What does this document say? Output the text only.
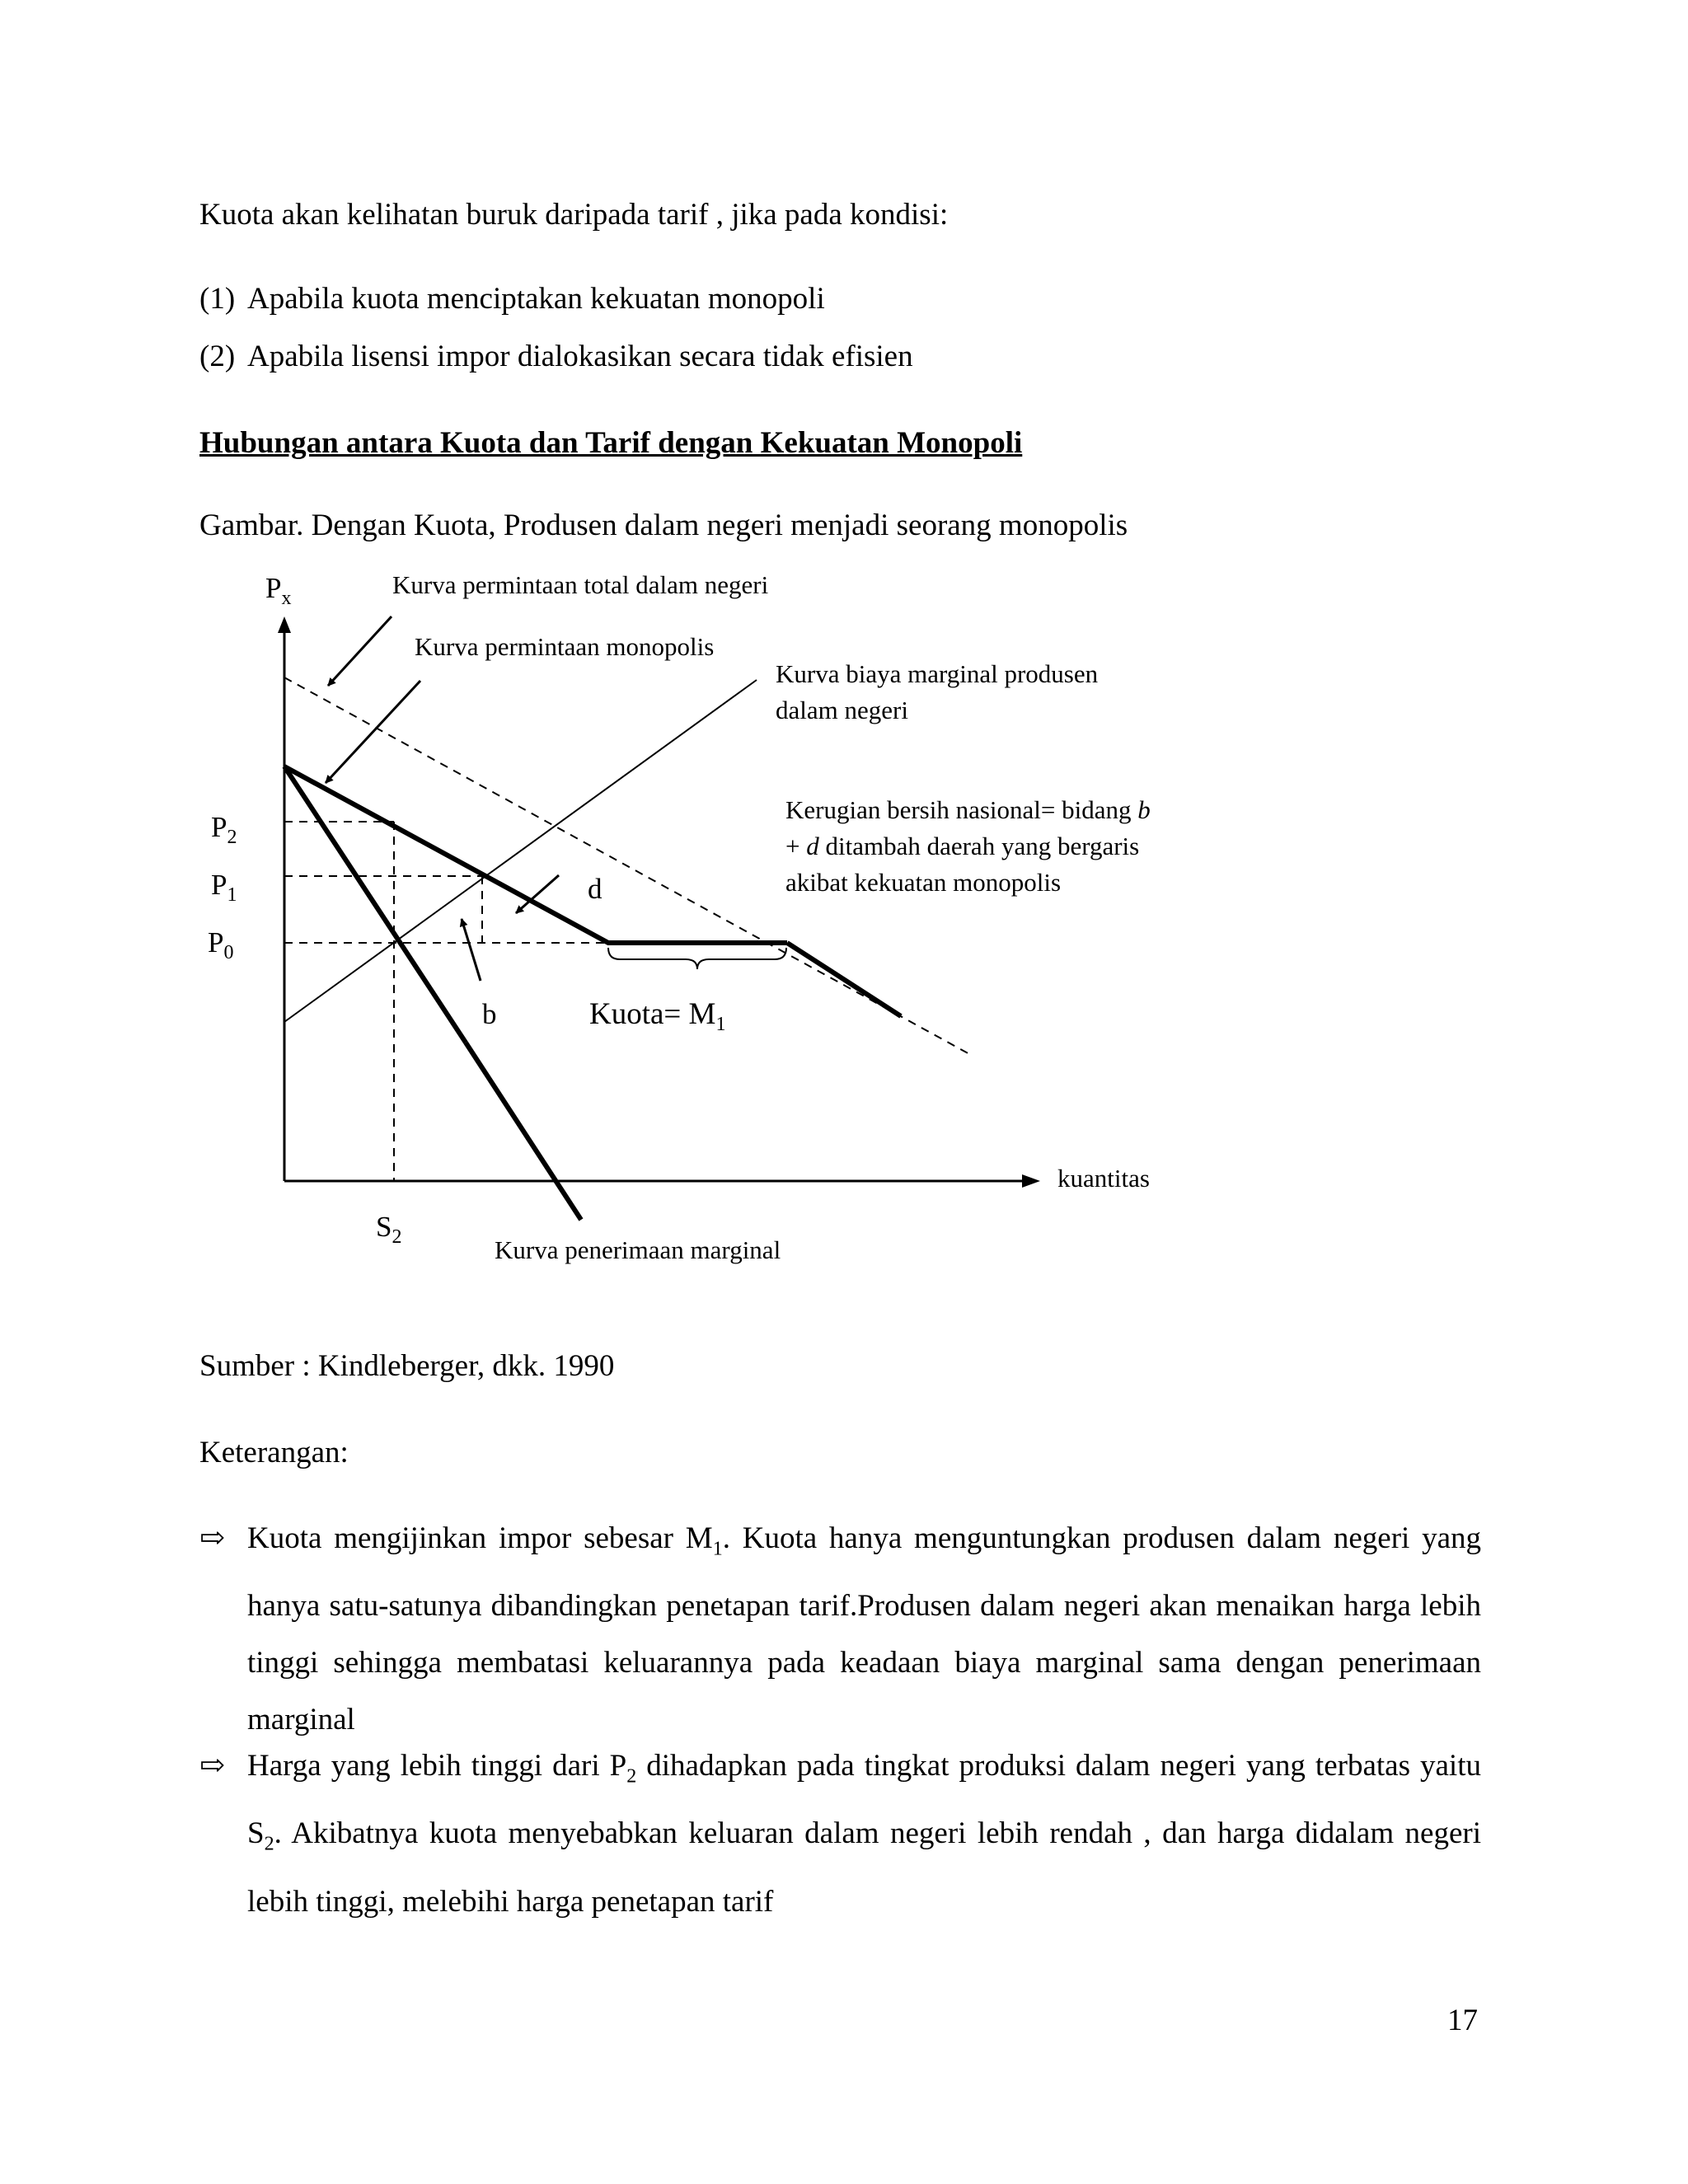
Kuota akan kelihatan buruk daripada tarif , jika pada kondisi:
(1) Apabila kuota menciptakan kekuatan monopoli
(2) Apabila lisensi impor dialokasikan secara tidak efisien
Hubungan antara Kuota dan Tarif dengan Kekuatan Monopoli
Gambar. Dengan Kuota, Produsen dalam negeri menjadi seorang monopolis
$P_x$
kuantitas
$P_2$
$P_1$
$P_0$
$S_2$
Kurva permintaan total dalam negeri
Kurva permintaan monopolis
Kurva biaya marginal produsen
dalam negeri
Kerugian bersih nasional= bidang b
+ d ditambah daerah yang bergaris
akibat kekuatan monopolis
d
b	Kuota= $M_1$
Kurva penerimaan marginal
Sumber : Kindleberger, dkk. 1990
Keterangan:
⇨ Kuota mengijinkan impor sebesar $M_1$. Kuota hanya menguntungkan produsen dalam negeri yang hanya satu-satunya dibandingkan penetapan tarif.Produsen dalam negeri akan menaikan harga lebih tinggi sehingga membatasi keluarannya pada keadaan biaya marginal sama dengan penerimaan marginal
⇨ Harga yang lebih tinggi dari $P_2$ dihadapkan pada tingkat produksi dalam negeri yang terbatas yaitu $S_2$. Akibatnya kuota menyebabkan keluaran dalam negeri lebih rendah , dan harga didalam negeri lebih tinggi, melebihi harga penetapan tarif
17
